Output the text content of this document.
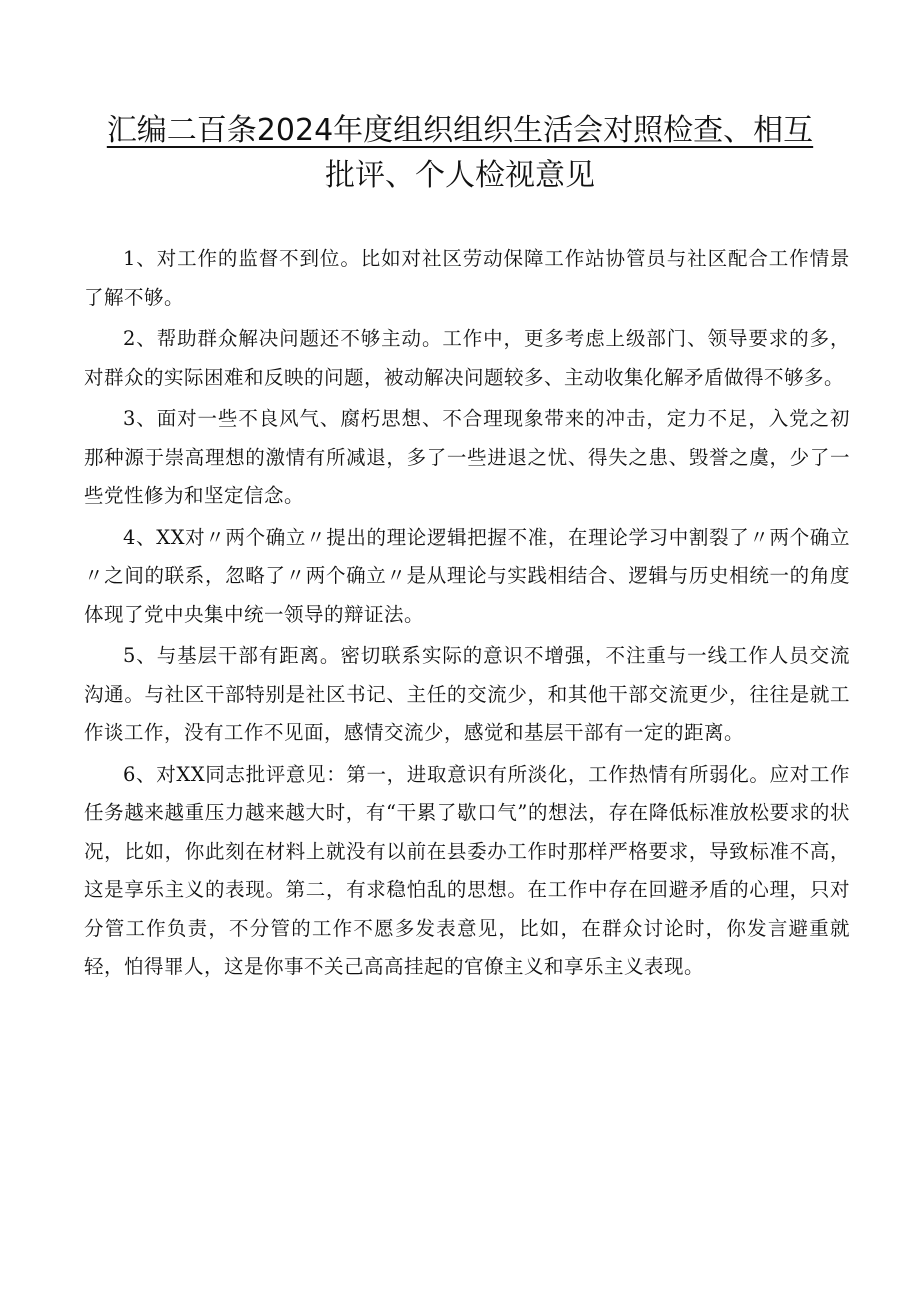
汇编二百条2024年度组织组织生活会对照检查、相互
批评、个人检视意见

1、对工作的监督不到位。比如对社区劳动保障工作站协管员与社区配合工作情景了解不够。

2、帮助群众解决问题还不够主动。工作中，更多考虑上级部门、领导要求的多，对群众的实际困难和反映的问题，被动解决问题较多、主动收集化解矛盾做得不够多。

3、面对一些不良风气、腐朽思想、不合理现象带来的冲击，定力不足，入党之初那种源于崇高理想的激情有所减退，多了一些进退之忧、得失之患、毁誉之虞，少了一些党性修为和坚定信念。

4、XX对〃两个确立〃提出的理论逻辑把握不准，在理论学习中割裂了〃两个确立〃之间的联系，忽略了〃两个确立〃是从理论与实践相结合、逻辑与历史相统一的角度体现了党中央集中统一领导的辩证法。

5、与基层干部有距离。密切联系实际的意识不增强，不注重与一线工作人员交流沟通。与社区干部特别是社区书记、主任的交流少，和其他干部交流更少，往往是就工作谈工作，没有工作不见面，感情交流少，感觉和基层干部有一定的距离。

6、对XX同志批评意见：第一，进取意识有所淡化，工作热情有所弱化。应对工作任务越来越重压力越来越大时，有“干累了歇口气”的想法，存在降低标准放松要求的状况，比如，你此刻在材料上就没有以前在县委办工作时那样严格要求，导致标准不高，这是享乐主义的表现。第二，有求稳怕乱的思想。在工作中存在回避矛盾的心理，只对分管工作负责，不分管的工作不愿多发表意见，比如，在群众讨论时，你发言避重就轻，怕得罪人，这是你事不关己高高挂起的官僚主义和享乐主义表现。
